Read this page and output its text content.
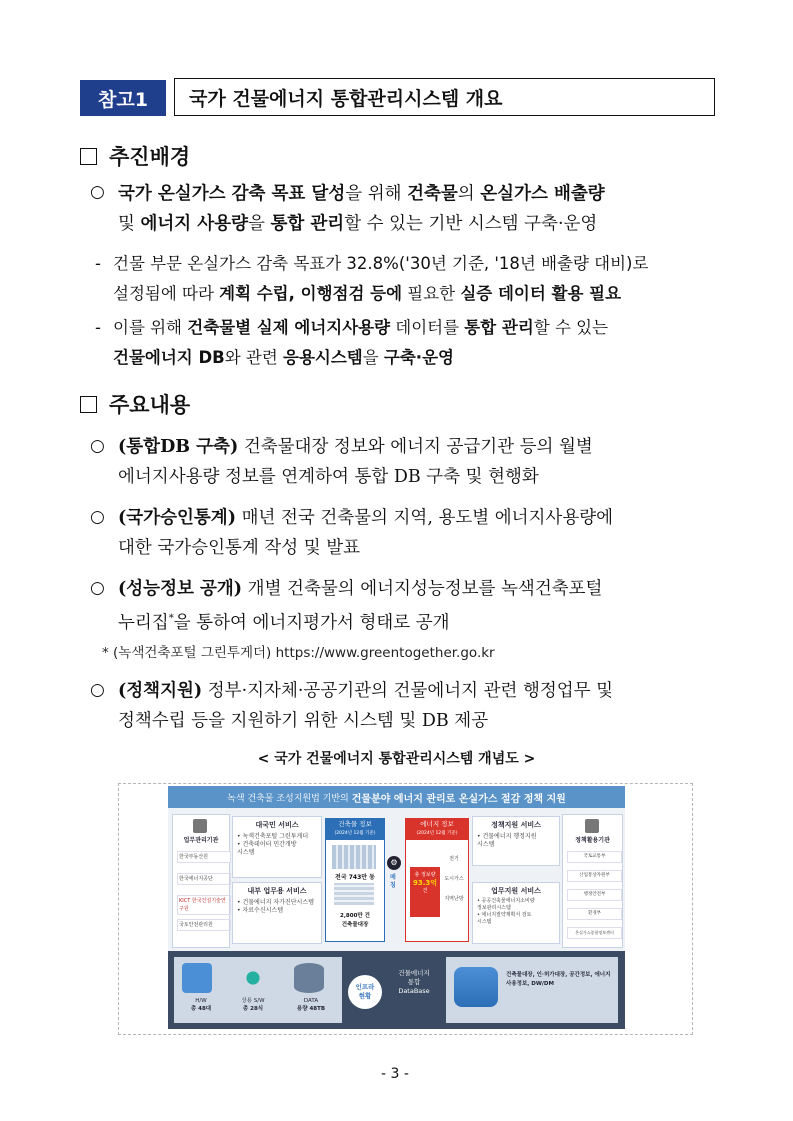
참고1	국가 건물에너지 통합관리시스템 개요
추진배경
○ 국가 온실가스 감축 목표 달성을 위해 건축물의 온실가스 배출량
및 에너지 사용량을 통합 관리할 수 있는 기반 시스템 구축·운영
- 건물 부문 온실가스 감축 목표가 32.8%('30년 기준, '18년 배출량 대비)로
설정됨에 따라 계획 수립, 이행점검 등에 필요한 실증 데이터 활용 필요
- 이를 위해 건축물별 실제 에너지사용량 데이터를 통합 관리할 수 있는
건물에너지 DB와 관련 응용시스템을 구축·운영
주요내용
○ (통합DB 구축) 건축물대장 정보와 에너지 공급기관 등의 월별
에너지사용량 정보를 연계하여 통합 DB 구축 및 현행화
○ (국가승인통계) 매년 전국 건축물의 지역, 용도별 에너지사용량에
대한 국가승인통계 작성 및 발표
○ (성능정보 공개) 개별 건축물의 에너지성능정보를 녹색건축포털
누리집*을 통하여 에너지평가서 형태로 공개
* (녹색건축포털 그린투게더) https://www.greentogether.go.kr
○ (정책지원) 정부·지자체·공공기관의 건물에너지 관련 행정업무 및
정책수립 등을 지원하기 위한 시스템 및 DB 제공
< 국가 건물에너지 통합관리시스템 개념도 >
녹색 건축물 조성지원법 기반의 건물분야 에너지 관리로 온실가스 절감 정책 지원
업무관리기관
한국부동산원
한국에너지공단
KICT 한국건설기술연구원
국토안전관리원
대국민 서비스
• 녹색건축포털 그린투게더
• 건축데이터 민간개방
시스템
내부 업무용 서비스
• 건물에너지 자가진단시스템
• 자료수신시스템
건축물 정보
(2024년 12월 기준)
전국 743만 동
2,800만 건
건축물대장
⚙
매칭
에너지 정보
(2024년 12월 기준)
총 정보량
93.3억
건
전기
도시가스
지역난방
정책지원 서비스
• 건물에너지 행정지원
시스템
업무지원 서비스
• 공공건축물에너지소비량
정보관리시스템
• 에너지절약계획서 검토
시스템
정책활용기관
국토교통부
산업통상자원부
행정안전부
환경부
온실가스종합정보센터
H/W
총 48대
상용 S/W
총 28식
DATA
용량 48TB
인프라
현황
건물에너지
통합
DataBase
건축물대장, 인·허가대장, 공간정보, 에너지 사용정보, DW/DM
- 3 -
